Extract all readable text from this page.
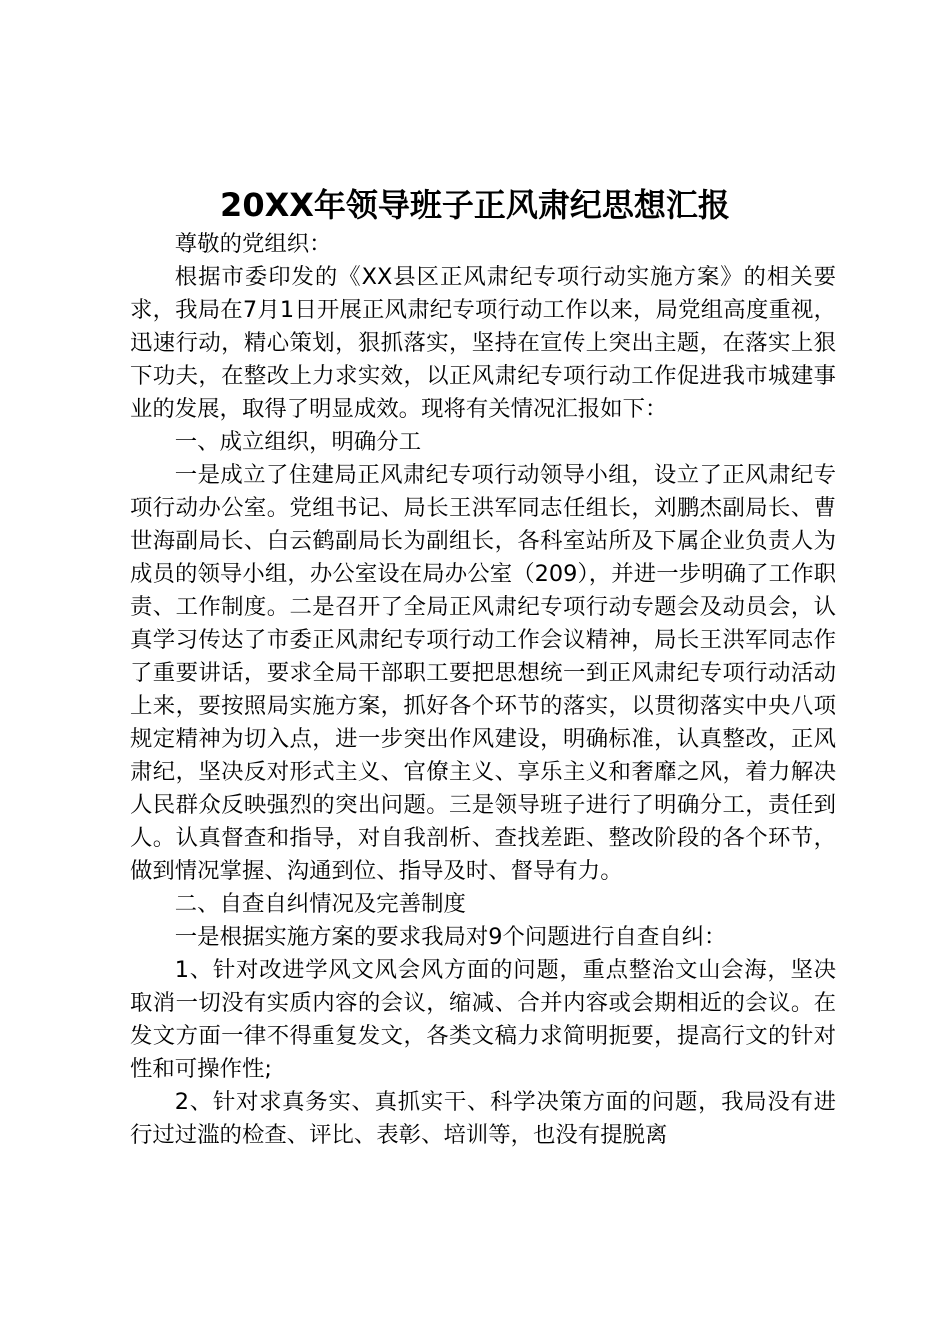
20XX年领导班子正风肃纪思想汇报

尊敬的党组织：

根据市委印发的《XX县区正风肃纪专项行动实施方案》的相关要求，我局在7月1日开展正风肃纪专项行动工作以来，局党组高度重视，迅速行动，精心策划，狠抓落实，坚持在宣传上突出主题，在落实上狠下功夫，在整改上力求实效，以正风肃纪专项行动工作促进我市城建事业的发展，取得了明显成效。现将有关情况汇报如下：

一、成立组织，明确分工

一是成立了住建局正风肃纪专项行动领导小组，设立了正风肃纪专项行动办公室。党组书记、局长王洪军同志任组长，刘鹏杰副局长、曹世海副局长、白云鹤副局长为副组长，各科室站所及下属企业负责人为成员的领导小组，办公室设在局办公室（209），并进一步明确了工作职责、工作制度。二是召开了全局正风肃纪专项行动专题会及动员会，认真学习传达了市委正风肃纪专项行动工作会议精神，局长王洪军同志作了重要讲话，要求全局干部职工要把思想统一到正风肃纪专项行动活动上来，要按照局实施方案，抓好各个环节的落实，以贯彻落实中央八项规定精神为切入点，进一步突出作风建设，明确标准，认真整改，正风肃纪，坚决反对形式主义、官僚主义、享乐主义和奢靡之风，着力解决人民群众反映强烈的突出问题。三是领导班子进行了明确分工，责任到人。认真督查和指导，对自我剖析、查找差距、整改阶段的各个环节，做到情况掌握、沟通到位、指导及时、督导有力。

二、自查自纠情况及完善制度

一是根据实施方案的要求我局对9个问题进行自查自纠：

1、针对改进学风文风会风方面的问题，重点整治文山会海，坚决取消一切没有实质内容的会议，缩减、合并内容或会期相近的会议。在发文方面一律不得重复发文，各类文稿力求简明扼要，提高行文的针对性和可操作性;

2、针对求真务实、真抓实干、科学决策方面的问题，我局没有进行过过滥的检查、评比、表彰、培训等，也没有提脱离
